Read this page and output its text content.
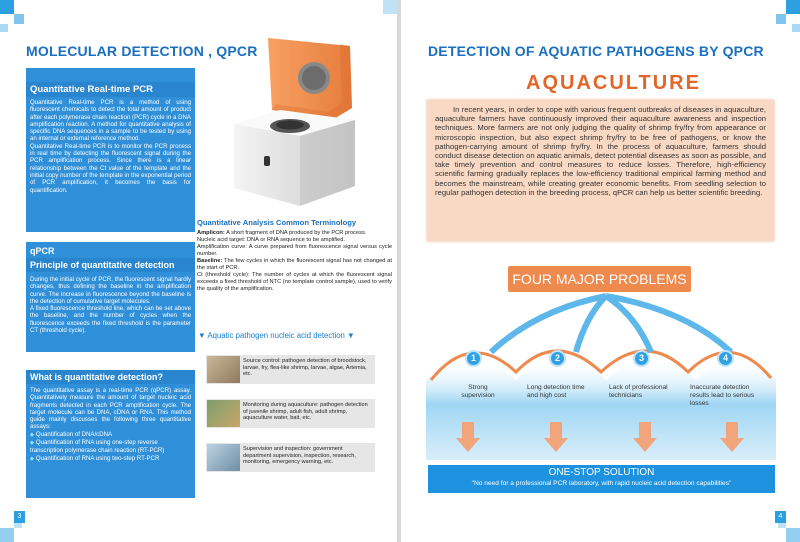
MOLECULAR DETECTION , QPCR
Quantitative Real-time PCR

Quantitative Real-time PCR is a method of using fluorescent chemicals to detect the total amount of product after each polymerase chain reaction (PCR) cycle in a DNA amplification reaction. A method for quantitative analysis of specific DNA sequences in a sample to be tested by using an internal or external reference method.

Quantitative Real-time PCR is to monitor the PCR process in real time by detecting the fluorescent signal during the PCR amplification process. Since there is a linear relationship between the Ct value of the template and the initial copy number of the template in the exponential period of PCR amplification, it becomes the basis for quantification.

qPCR
Principle of quantitative detection

During the initial cycle of PCR, the fluorescent signal hardly changes, thus defining the baseline in the amplification curve. The increase in fluorescence beyond the baseline is the detection of cumulative target molecules.

A fixed fluorescence threshold line, which can be set above the baseline, and the number of cycles when the fluorescence exceeds the fixed threshold is the parameter CT (threshold cycle).

What is quantitative detection?

The quantitative assay is a real-time PCR (qPCR) assay. Quantitatively measure the amount of target nucleic acid fragments detected in each PCR amplification cycle. The target molecule can be DNA, cDNA or RNA. This method guide mainly discusses the following three quantitative assays:

◆ Quantification of DNA/cDNA
◆ Quantification of RNA using one-step reverse transcription polymerase chain reaction (RT-PCR)
◆ Quantification of RNA using two-step RT-PCR
Quantitative Analysis Common Terminology

Amplicon: A short fragment of DNA produced by the PCR process.

Nucleic acid target: DNA or RNA sequence to be amplified.

Amplification curve: A curve prepared from fluorescence signal versus cycle number.

Baseline: The few cycles in which the fluorescent signal has not changed at the start of PCR.

Ct (threshold cycle): The number of cycles at which the fluorescent signal exceeds a fixed threshold of NTC (no template control sample), used to verify the quality of the amplification.

▼ Aquatic pathogen nucleic acid detection ▼
Source control: pathogen detection of broodstock, larvae, fry, flea-like shrimp, larvae, algae, Artemia, etc.
Monitoring during aquaculture: pathogen detection of juvenile shrimp, adult fish, adult shrimp, aquaculture water, bait, etc.
Supervision and inspection: government department supervision, inspection, research, monitoring, emergency warning, etc.
3
DETECTION OF AQUATIC PATHOGENS BY QPCR
AQUACULTURE

In recent years, in order to cope with various frequent outbreaks of diseases in aquaculture, aquaculture farmers have continuously improved their aquaculture awareness and inspection techniques. More farmers are not only judging the quality of shrimp fry/fry from appearance or microscopic inspection, but also expect shrimp fry/fry to be free of pathogens, or know the pathogen-carrying amount of shrimp fry/fry. In the process of aquaculture, farmers should conduct disease detection on aquatic animals, detect potential diseases as soon as possible, and take timely prevention and control measures to reduce losses. Therefore, high-efficiency scientific farming gradually replaces the low-efficiency traditional empirical farming method and becomes the mainstream, while creating greater economic benefits. From seedling selection to regular pathogen detection in the breeding process, qPCR can help us better scientific breeding.

FOUR MAJOR PROBLEMS
1	2	3	4
Strong supervision
Long detection time and high cost
Lack of professional technicians
Inaccurate detection results lead to serious losses
ONE-STOP SOLUTION
"No need for a professional PCR laboratory, with rapid nucleic acid detection capabilities"
4
